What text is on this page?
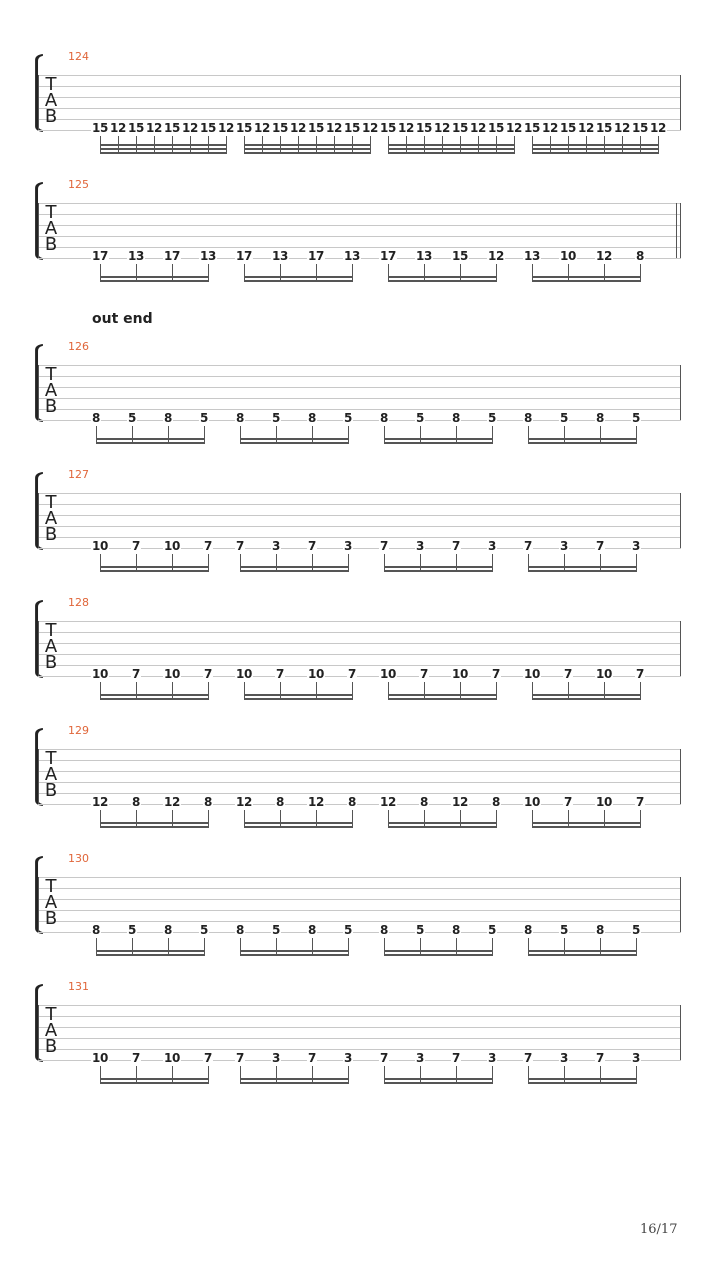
out end
16/17
124
T
A
B
15 12 15 12 15 12 15 12 15 12 15 12 15 12 15 12 15 12 15 12 15 12 15 12 15 12 15 12 15 12 15 12
125
T
A
B
17 13 17 13 17 13 17 13 17 13 15 12 13 10 12 8
126
T
A
B
8 5 8 5 8 5 8 5 8 5 8 5 8 5 8 5
127
T
A
B
10 7 10 7 7 3 7 3 7 3 7 3 7 3 7 3
128
T
A
B
10 7 10 7 10 7 10 7 10 7 10 7 10 7 10 7
129
T
A
B
12 8 12 8 12 8 12 8 12 8 12 8 10 7 10 7
130
T
A
B
8 5 8 5 8 5 8 5 8 5 8 5 8 5 8 5
131
T
A
B
10 7 10 7 7 3 7 3 7 3 7 3 7 3 7 3
